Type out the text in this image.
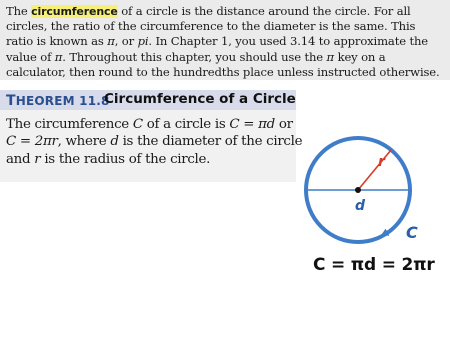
The circumference of a circle is the distance around the circle. For all circles, the ratio of the circumference to the diameter is the same. This ratio is known as π, or pi. In Chapter 1, you used 3.14 to approximate the value of π. Throughout this chapter, you should use the π key on a calculator, then round to the hundredths place unless instructed otherwise.

THEOREM 11.8
Circumference of a Circle

The circumference C of a circle is C = πd or
C = 2πr, where d is the diameter of the circle
and r is the radius of the circle.	r
d
C

C = πd = 2πr
